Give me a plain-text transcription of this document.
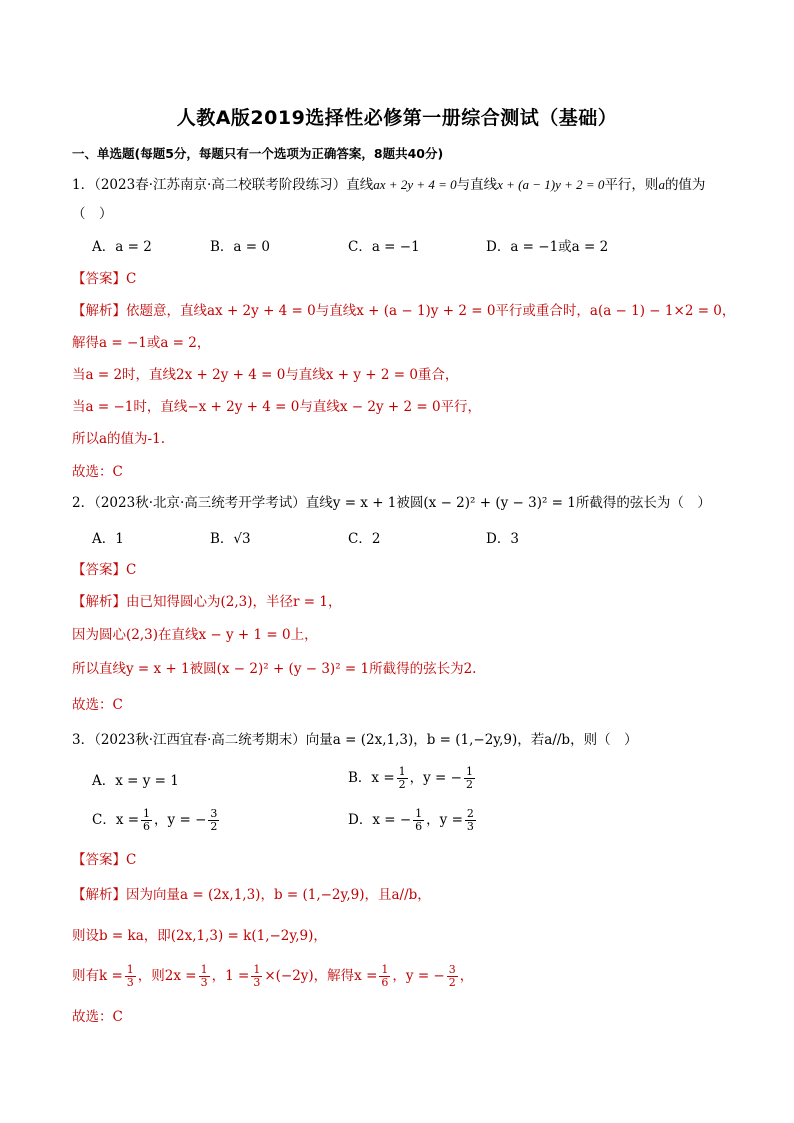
人教A版2019选择性必修第一册综合测试（基础）
一、单选题(每题5分，每题只有一个选项为正确答案，8题共40分)
1．（2023春·江苏南京·高二校联考阶段练习）直线ax + 2y + 4 = 0与直线x + (a − 1)y + 2 = 0平行，则a的值为
（　）
A．a = 2	B．a = 0	C．a = −1	D．a = −1或a = 2
【答案】C
【解析】依题意，直线ax + 2y + 4 = 0与直线x + (a − 1)y + 2 = 0平行或重合时，a(a − 1) − 1×2 = 0，
解得a = −1或a = 2，
当a = 2时，直线2x + 2y + 4 = 0与直线x + y + 2 = 0重合，
当a = −1时，直线−x + 2y + 4 = 0与直线x − 2y + 2 = 0平行，
所以a的值为-1.
故选：C
2．（2023秋·北京·高三统考开学考试）直线y = x + 1被圆(x − 2)² + (y − 3)² = 1所截得的弦长为（　）
A．1	B．√3	C．2	D．3
【答案】C
【解析】由已知得圆心为(2,3)，半径r = 1，
因为圆心(2,3)在直线x − y + 1 = 0上，
所以直线y = x + 1被圆(x − 2)² + (y − 3)² = 1所截得的弦长为2.
故选：C
3．（2023秋·江西宜春·高二统考期末）向量a = (2x,1,3)，b = (1,−2y,9)，若a//b，则（　）
A．x = y = 1	B．$x = \frac{1}{2}$ ，y = − $\frac{1}{2}$
C．$x = \frac{1}{6}$ ，y = − $\frac{3}{2}$	D．x = − $\frac{1}{6}$ ，$y = \frac{2}{3}$
【答案】C
【解析】因为向量a = (2x,1,3)，b = (1,−2y,9)，且a//b，
则设b = ka，即(2x,1,3) = k(1,−2y,9)，
则有$k = \frac{1}{3}$ ，则$2x = \frac{1}{3}$ ，$1 = \frac{1}{3} \times(-2y)$，解得$x = \frac{1}{6}$ ，y = − $\frac{3}{2}$ ，
故选：C
